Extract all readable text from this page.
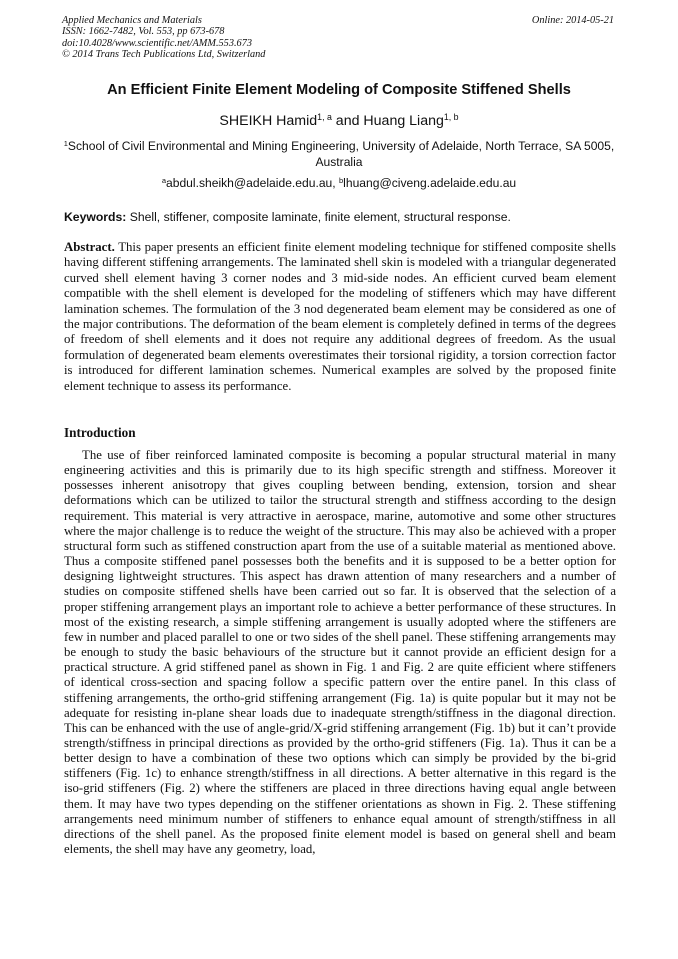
Applied Mechanics and Materials
ISSN: 1662-7482, Vol. 553, pp 673-678
doi:10.4028/www.scientific.net/AMM.553.673
© 2014 Trans Tech Publications Ltd, Switzerland
Online: 2014-05-21
An Efficient Finite Element Modeling of Composite Stiffened Shells
SHEIKH Hamid$^{1, a}$ and Huang Liang$^{1, b}$
$^1$School of Civil Environmental and Mining Engineering, University of Adelaide, North Terrace, SA 5005, Australia
$^a$abdul.sheikh@adelaide.edu.au, $^b$lhuang@civeng.adelaide.edu.au
Keywords: Shell, stiffener, composite laminate, finite element, structural response.

Abstract. This paper presents an efficient finite element modeling technique for stiffened composite shells having different stiffening arrangements. The laminated shell skin is modeled with a triangular degenerated curved shell element having 3 corner nodes and 3 mid-side nodes. An efficient curved beam element compatible with the shell element is developed for the modeling of stiffeners which may have different lamination schemes. The formulation of the 3 nod degenerated beam element may be considered as one of the major contributions. The deformation of the beam element is completely defined in terms of the degrees of freedom of shell elements and it does not require any additional degrees of freedom. As the usual formulation of degenerated beam elements overestimates their torsional rigidity, a torsion correction factor is introduced for different lamination schemes. Numerical examples are solved by the proposed finite element technique to assess its performance.

Introduction

The use of fiber reinforced laminated composite is becoming a popular structural material in many engineering activities and this is primarily due to its high specific strength and stiffness. Moreover it possesses inherent anisotropy that gives coupling between bending, extension, torsion and shear deformations which can be utilized to tailor the structural strength and stiffness according to the design requirement. This material is very attractive in aerospace, marine, automotive and some other structures where the major challenge is to reduce the weight of the structure. This may also be achieved with a proper structural form such as stiffened construction apart from the use of a suitable material as mentioned above. Thus a composite stiffened panel possesses both the benefits and it is supposed to be a better option for designing lightweight structures. This aspect has drawn attention of many researchers and a number of studies on composite stiffened shells have been carried out so far. It is observed that the selection of a proper stiffening arrangement plays an important role to achieve a better performance of these structures. In most of the existing research, a simple stiffening arrangement is usually adopted where the stiffeners are few in number and placed parallel to one or two sides of the shell panel. These stiffening arrangements may be enough to study the basic behaviours of the structure but it cannot provide an efficient design for a practical structure. A grid stiffened panel as shown in Fig. 1 and Fig. 2 are quite efficient where stiffeners of identical cross-section and spacing follow a specific pattern over the entire panel. In this class of stiffening arrangements, the ortho-grid stiffening arrangement (Fig. 1a) is quite popular but it may not be adequate for resisting in-plane shear loads due to inadequate strength/stiffness in the diagonal direction. This can be enhanced with the use of angle-grid/X-grid stiffening arrangement (Fig. 1b) but it can’t provide strength/stiffness in principal directions as provided by the ortho-grid stiffeners (Fig. 1a). Thus it can be a better design to have a combination of these two options which can simply be provided by the bi-grid stiffeners (Fig. 1c) to enhance strength/stiffness in all directions. A better alternative in this regard is the iso-grid stiffeners (Fig. 2) where the stiffeners are placed in three directions having equal angle between them. It may have two types depending on the stiffener orientations as shown in Fig. 2. These stiffening arrangements need minimum number of stiffeners to enhance equal amount of strength/stiffness in all directions of the shell panel. As the proposed finite element model is based on general shell and beam elements, the shell may have any geometry, load,
